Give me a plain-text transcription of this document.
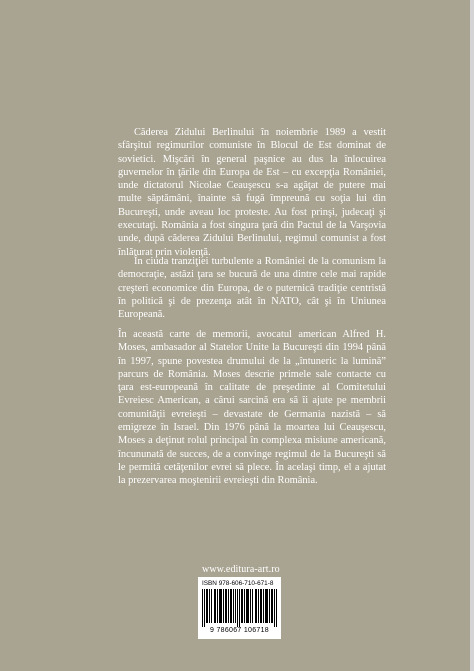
Căderea Zidului Berlinului în noiembrie 1989 a vestit sfârşitul regimurilor comuniste în Blocul de Est dominat de sovietici. Mişcări în general paşnice au dus la înlocuirea guvernelor în ţările din Europa de Est – cu excepţia României, unde dictatorul Nicolae Ceauşescu s-a agăţat de putere mai multe săptămâni, înainte să fugă împreună cu soţia lui din Bucureşti, unde aveau loc proteste. Au fost prinşi, judecaţi şi executaţi. România a fost singura ţară din Pactul de la Varşovia unde, după căderea Zidului Berlinului, regimul comunist a fost înlăturat prin violenţă.

În ciuda tranziţiei turbulente a României de la comunism la democraţie, astăzi ţara se bucură de una dintre cele mai rapide creşteri economice din Europa, de o puternică tradiţie centristă în politică şi de prezenţa atât în NATO, cât şi în Uniunea Europeană.

În această carte de memorii, avocatul american Alfred H. Moses, ambasador al Statelor Unite la Bucureşti din 1994 până în 1997, spune povestea drumului de la „întuneric la lumină” parcurs de România. Moses descrie primele sale contacte cu ţara est-europeană în calitate de preşedinte al Comitetului Evreiesc American, a cărui sarcină era să îi ajute pe membrii comunităţii evreieşti – devastate de Germania nazistă – să emigreze în Israel. Din 1976 până la moartea lui Ceauşescu, Moses a deţinut rolul principal în complexa misiune americană, încununată de succes, de a convinge regimul de la Bucureşti să le permită cetăţenilor evrei să plece. În acelaşi timp, el a ajutat la prezervarea moştenirii evreieşti din România.

www.editura-art.ro
ISBN 978-606-710-671-8
9 786067 106718
